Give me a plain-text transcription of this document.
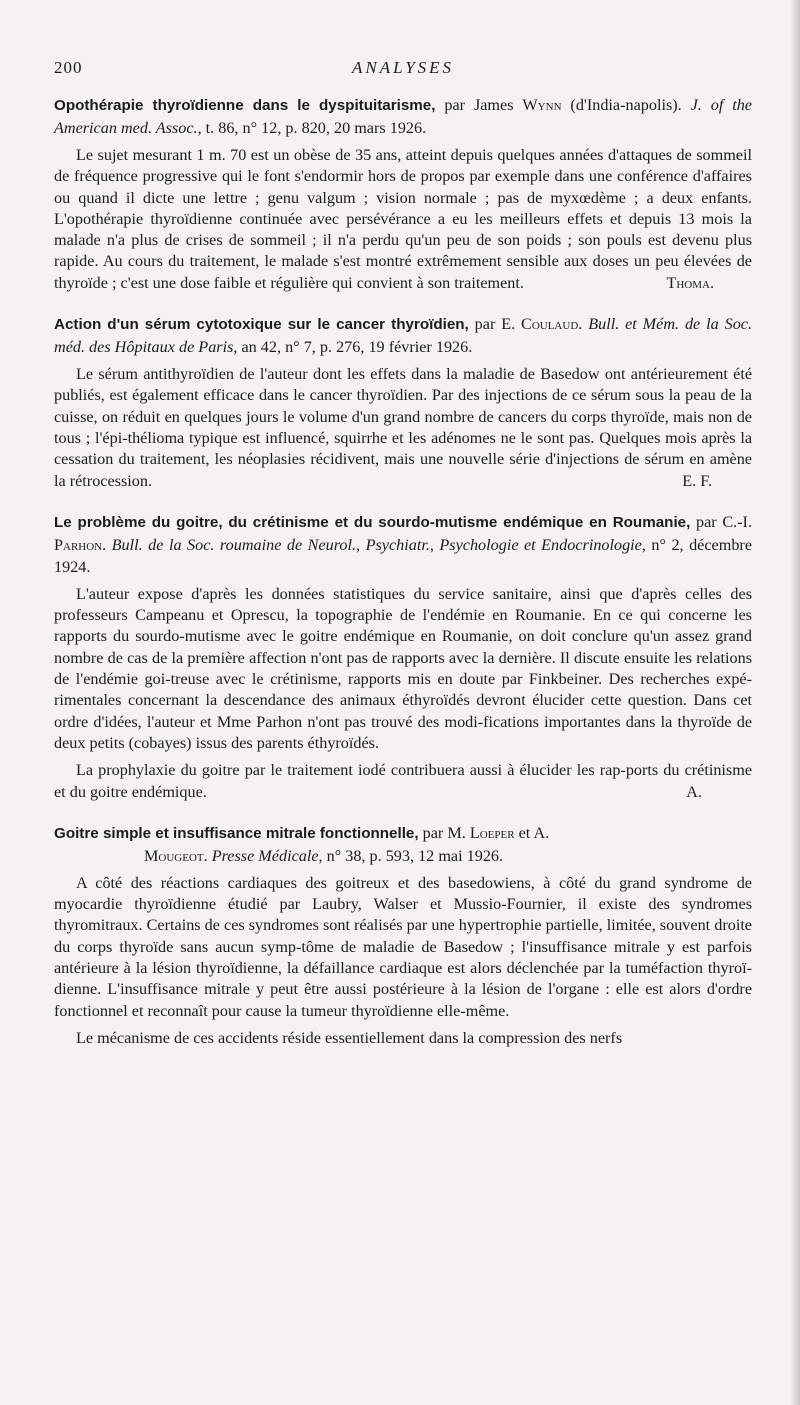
200	ANALYSES

Opothérapie thyroïdienne dans le dyspituitarisme, par James Wynn (d'India-napolis). J. of the American med. Assoc., t. 86, n° 12, p. 820, 20 mars 1926.

Le sujet mesurant 1 m. 70 est un obèse de 35 ans, atteint depuis quelques années d'attaques de sommeil de fréquence progressive qui le font s'endormir hors de propos par exemple dans une conférence d'affaires ou quand il dicte une lettre ; genu valgum ; vision normale ; pas de myxœdème ; a deux enfants. L'opothérapie thyroïdienne continuée avec persévérance a eu les meilleurs effets et depuis 13 mois la malade n'a plus de crises de sommeil ; il n'a perdu qu'un peu de son poids ; son pouls est devenu plus rapide. Au cours du traitement, le malade s'est montré extrêmement sensible aux doses un peu élevées de thyroïde ; c'est une dose faible et régulière qui convient à son traitement.	Thoma.

Action d'un sérum cytotoxique sur le cancer thyroïdien, par E. Coulaud. Bull. et Mém. de la Soc. méd. des Hôpitaux de Paris, an 42, n° 7, p. 276, 19 février 1926.

Le sérum antithyroïdien de l'auteur dont les effets dans la maladie de Basedow ont antérieurement été publiés, est également efficace dans le cancer thyroïdien. Par des injections de ce sérum sous la peau de la cuisse, on réduit en quelques jours le volume d'un grand nombre de cancers du corps thyroïde, mais non de tous ; l'épi-thélioma typique est influencé, squirrhe et les adénomes ne le sont pas. Quelques mois après la cessation du traitement, les néoplasies récidivent, mais une nouvelle série d'injections de sérum en amène la rétrocession.	E. F.

Le problème du goitre, du crétinisme et du sourdo-mutisme endémique en Roumanie, par C.-I. Parhon. Bull. de la Soc. roumaine de Neurol., Psychiatr., Psychologie et Endocrinologie, n° 2, décembre 1924.

L'auteur expose d'après les données statistiques du service sanitaire, ainsi que d'après celles des professeurs Campeanu et Oprescu, la topographie de l'endémie en Roumanie. En ce qui concerne les rapports du sourdo-mutisme avec le goitre endémique en Roumanie, on doit conclure qu'un assez grand nombre de cas de la première affection n'ont pas de rapports avec la dernière. Il discute ensuite les relations de l'endémie goi-treuse avec le crétinisme, rapports mis en doute par Finkbeiner. Des recherches expé-rimentales concernant la descendance des animaux éthyroïdés devront élucider cette question. Dans cet ordre d'idées, l'auteur et Mme Parhon n'ont pas trouvé des modi-fications importantes dans la thyroïde de deux petits (cobayes) issus des parents éthyroïdés.

La prophylaxie du goitre par le traitement iodé contribuera aussi à élucider les rap-ports du crétinisme et du goitre endémique.	A.

Goitre simple et insuffisance mitrale fonctionnelle, par M. Loeper et A.
Mougeot. Presse Médicale, n° 38, p. 593, 12 mai 1926.

A côté des réactions cardiaques des goitreux et des basedowiens, à côté du grand syndrome de myocardie thyroïdienne étudié par Laubry, Walser et Mussio-Fournier, il existe des syndromes thyromitraux. Certains de ces syndromes sont réalisés par une hypertrophie partielle, limitée, souvent droite du corps thyroïde sans aucun symp-tôme de maladie de Basedow ; l'insuffisance mitrale y est parfois antérieure à la lésion thyroïdienne, la défaillance cardiaque est alors déclenchée par la tuméfaction thyroï-dienne. L'insuffisance mitrale y peut être aussi postérieure à la lésion de l'organe : elle est alors d'ordre fonctionnel et reconnaît pour cause la tumeur thyroïdienne elle-même.

Le mécanisme de ces accidents réside essentiellement dans la compression des nerfs
